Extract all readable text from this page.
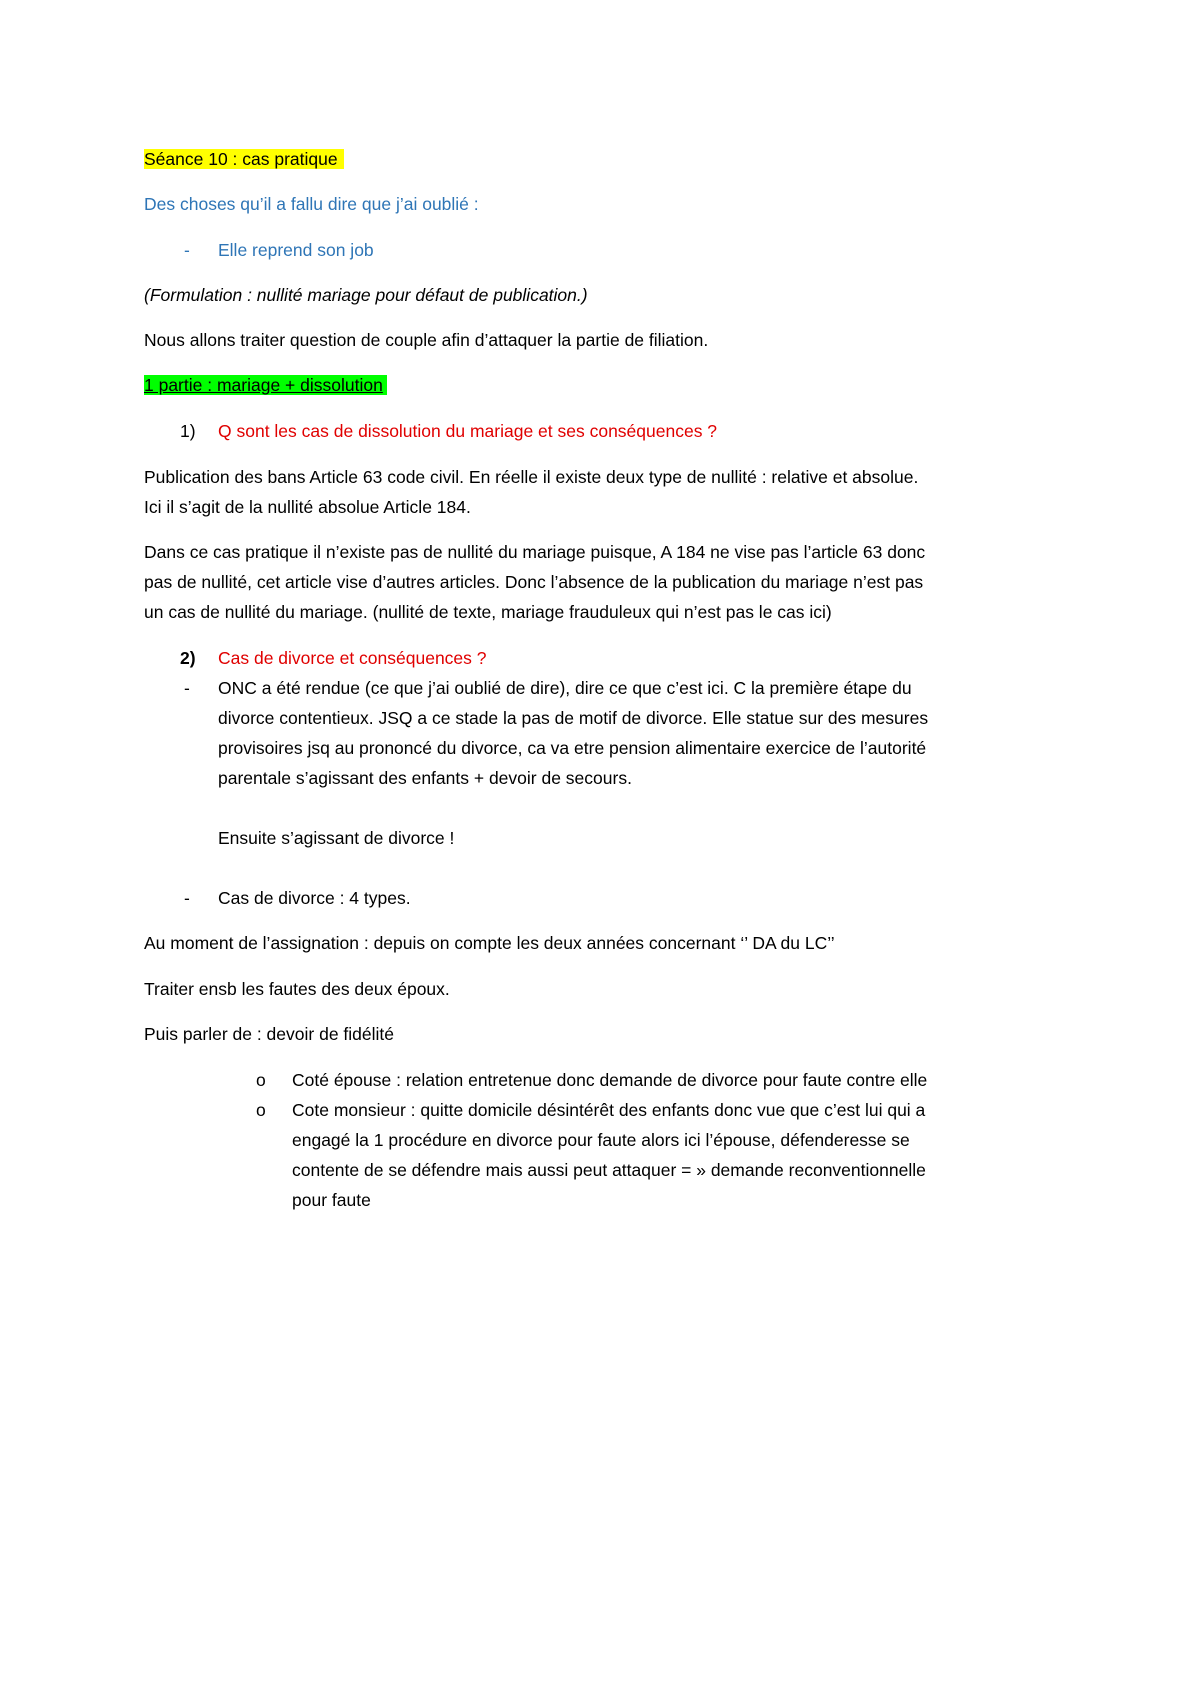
Séance 10 : cas pratique
Des choses qu’il a fallu dire que j’ai oublié :
- Elle reprend son job
(Formulation : nullité mariage pour défaut de publication.)
Nous allons traiter question de couple afin d’attaquer la partie de filiation.
1 partie : mariage + dissolution
1) Q sont les cas de dissolution du mariage et ses conséquences ?
Publication des bans Article 63 code civil. En réelle il existe deux type de nullité : relative et absolue.
Ici il s’agit de la nullité absolue Article 184.
Dans ce cas pratique il n’existe pas de nullité du mariage puisque, A 184 ne vise pas l’article 63 donc
pas de nullité, cet article vise d’autres articles. Donc l’absence de la publication du mariage n’est pas
un cas de nullité du mariage. (nullité de texte, mariage frauduleux qui n’est pas le cas ici)
2) Cas de divorce et conséquences ?
- ONC a été rendue (ce que j’ai oublié de dire), dire ce que c’est ici. C la première étape du
divorce contentieux. JSQ a ce stade la pas de motif de divorce. Elle statue sur des mesures
provisoires jsq au prononcé du divorce, ca va etre pension alimentaire exercice de l’autorité
parentale s’agissant des enfants + devoir de secours.
Ensuite s’agissant de divorce !
- Cas de divorce : 4 types.
Au moment de l’assignation : depuis on compte les deux années concernant ‘’ DA du LC’’
Traiter ensb les fautes des deux époux.
Puis parler de : devoir de fidélité
o Coté épouse : relation entretenue donc demande de divorce pour faute contre elle
o Cote monsieur : quitte domicile désintérêt des enfants donc vue que c’est lui qui a
engagé la 1 procédure en divorce pour faute alors ici l’épouse, défenderesse se
contente de se défendre mais aussi peut attaquer = » demande reconventionnelle
pour faute
